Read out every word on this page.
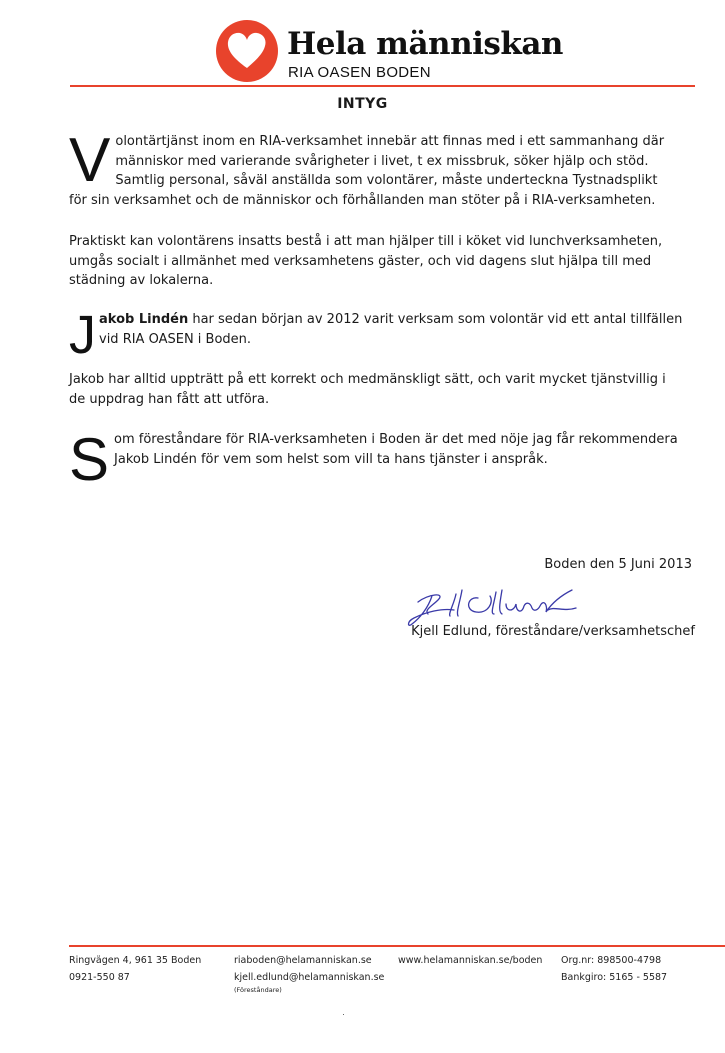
Hela människan
RIA OASEN BODEN
INTYG
V olontärtjänst inom en RIA-verksamhet innebär att finnas med i ett sammanhang där
människor med varierande svårigheter i livet, t ex missbruk, söker hjälp och stöd.
Samtlig personal, såväl anställda som volontärer, måste underteckna Tystnadsplikt
för sin verksamhet och de människor och förhållanden man stöter på i RIA-verksamheten.
Praktiskt kan volontärens insatts bestå i att man hjälper till i köket vid lunchverksamheten,
umgås socialt i allmänhet med verksamhetens gäster, och vid dagens slut hjälpa till med
städning av lokalerna.
J akob Lindén har sedan början av 2012 varit verksam som volontär vid ett antal tillfällen
vid RIA OASEN i Boden.
Jakob har alltid uppträtt på ett korrekt och medmänskligt sätt, och varit mycket tjänstvillig i
de uppdrag han fått att utföra.
S om föreståndare för RIA-verksamheten i Boden är det med nöje jag får rekommendera
Jakob Lindén för vem som helst som vill ta hans tjänster i anspråk.
Boden den 5 Juni 2013
Kjell Edlund, föreståndare/verksamhetschef
Ringvägen 4, 961 35 Boden
0921-550 87
riaboden@helamanniskan.se
kjell.edlund@helamanniskan.se
(Föreståndare)
www.helamanniskan.se/boden Org.nr: 898500-4798
Bankgiro: 5165 - 5587
